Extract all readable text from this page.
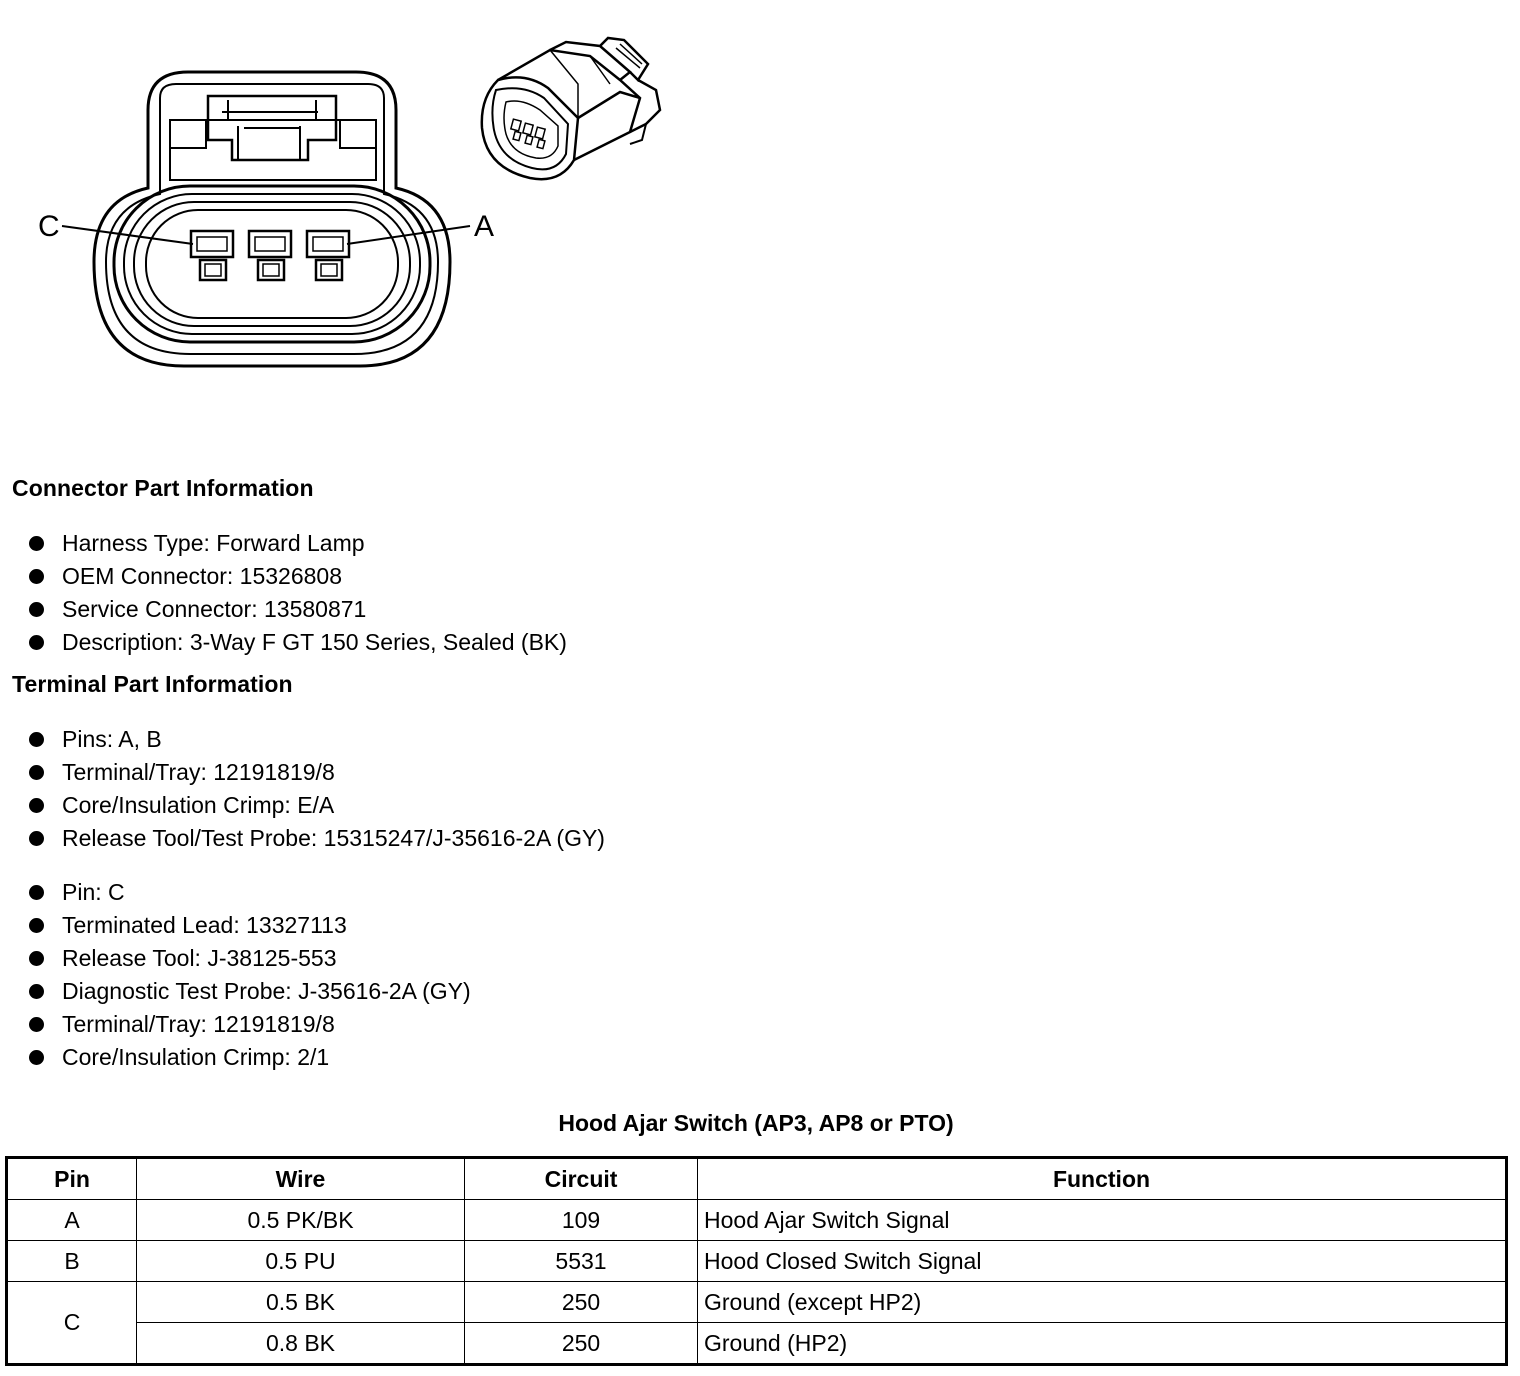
C	A
Connector Part Information
Harness Type: Forward Lamp
OEM Connector: 15326808
Service Connector: 13580871
Description: 3-Way F GT 150 Series, Sealed (BK)
Terminal Part Information
Pins: A, B
Terminal/Tray: 12191819/8
Core/Insulation Crimp: E/A
Release Tool/Test Probe: 15315247/J-35616-2A (GY)
Pin: C
Terminated Lead: 13327113
Release Tool: J-38125-553
Diagnostic Test Probe: J-35616-2A (GY)
Terminal/Tray: 12191819/8
Core/Insulation Crimp: 2/1
Hood Ajar Switch (AP3, AP8 or PTO)
Pin	Wire	Circuit	Function
A	0.5 PK/BK	109	Hood Ajar Switch Signal
B	0.5 PU	5531	Hood Closed Switch Signal
C	0.5 BK	250	Ground (except HP2)
	0.8 BK	250	Ground (HP2)
